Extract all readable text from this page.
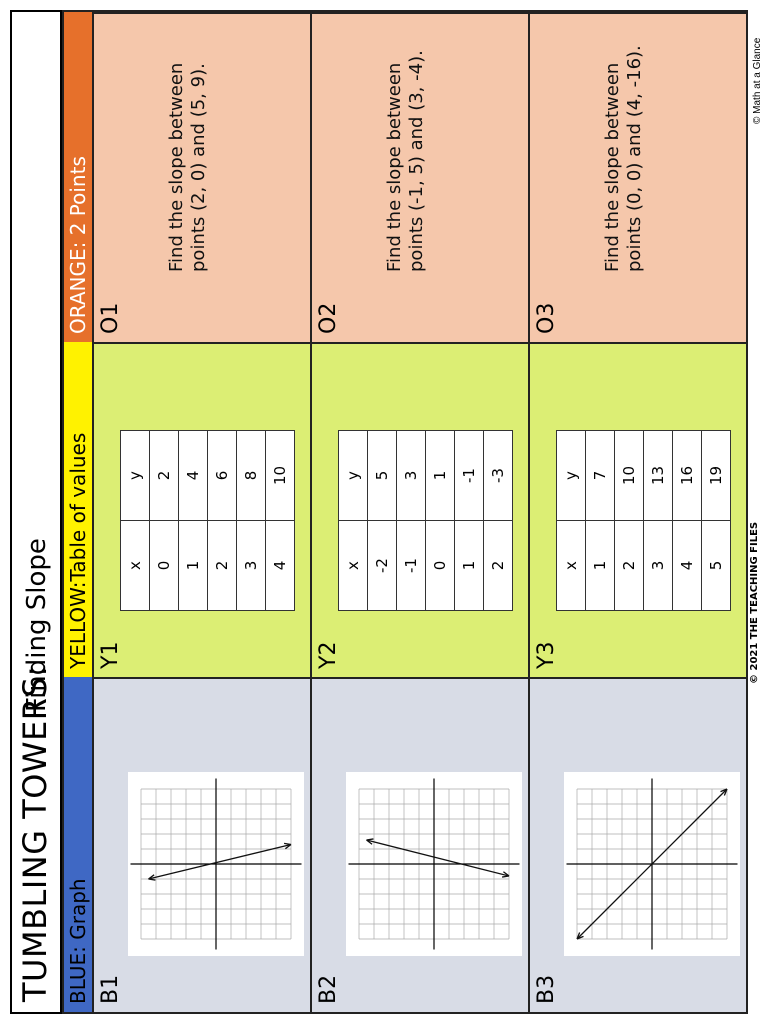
TUMBLING TOWERS:
Finding Slope
BLUE: Graph
B1	B2	B3
YELLOW:Table of values
Y1
x	y
0	2
1	4
2	6
3	8
4	10
Y2
x	y
-2	5
-1	3
0	1
1	-1
2	-3
Y3
x	y
1	7
2	10
3	13
4	16
5	19
ORANGE: 2 Points
O1
Find the slope between points (2, 0) and (5, 9).
O2
Find the slope between points (-1, 5) and (3, -4).
O3
Find the slope between points (0, 0) and (4, -16).
© 2021 THE TEACHING FILES
© Math at a Glance
